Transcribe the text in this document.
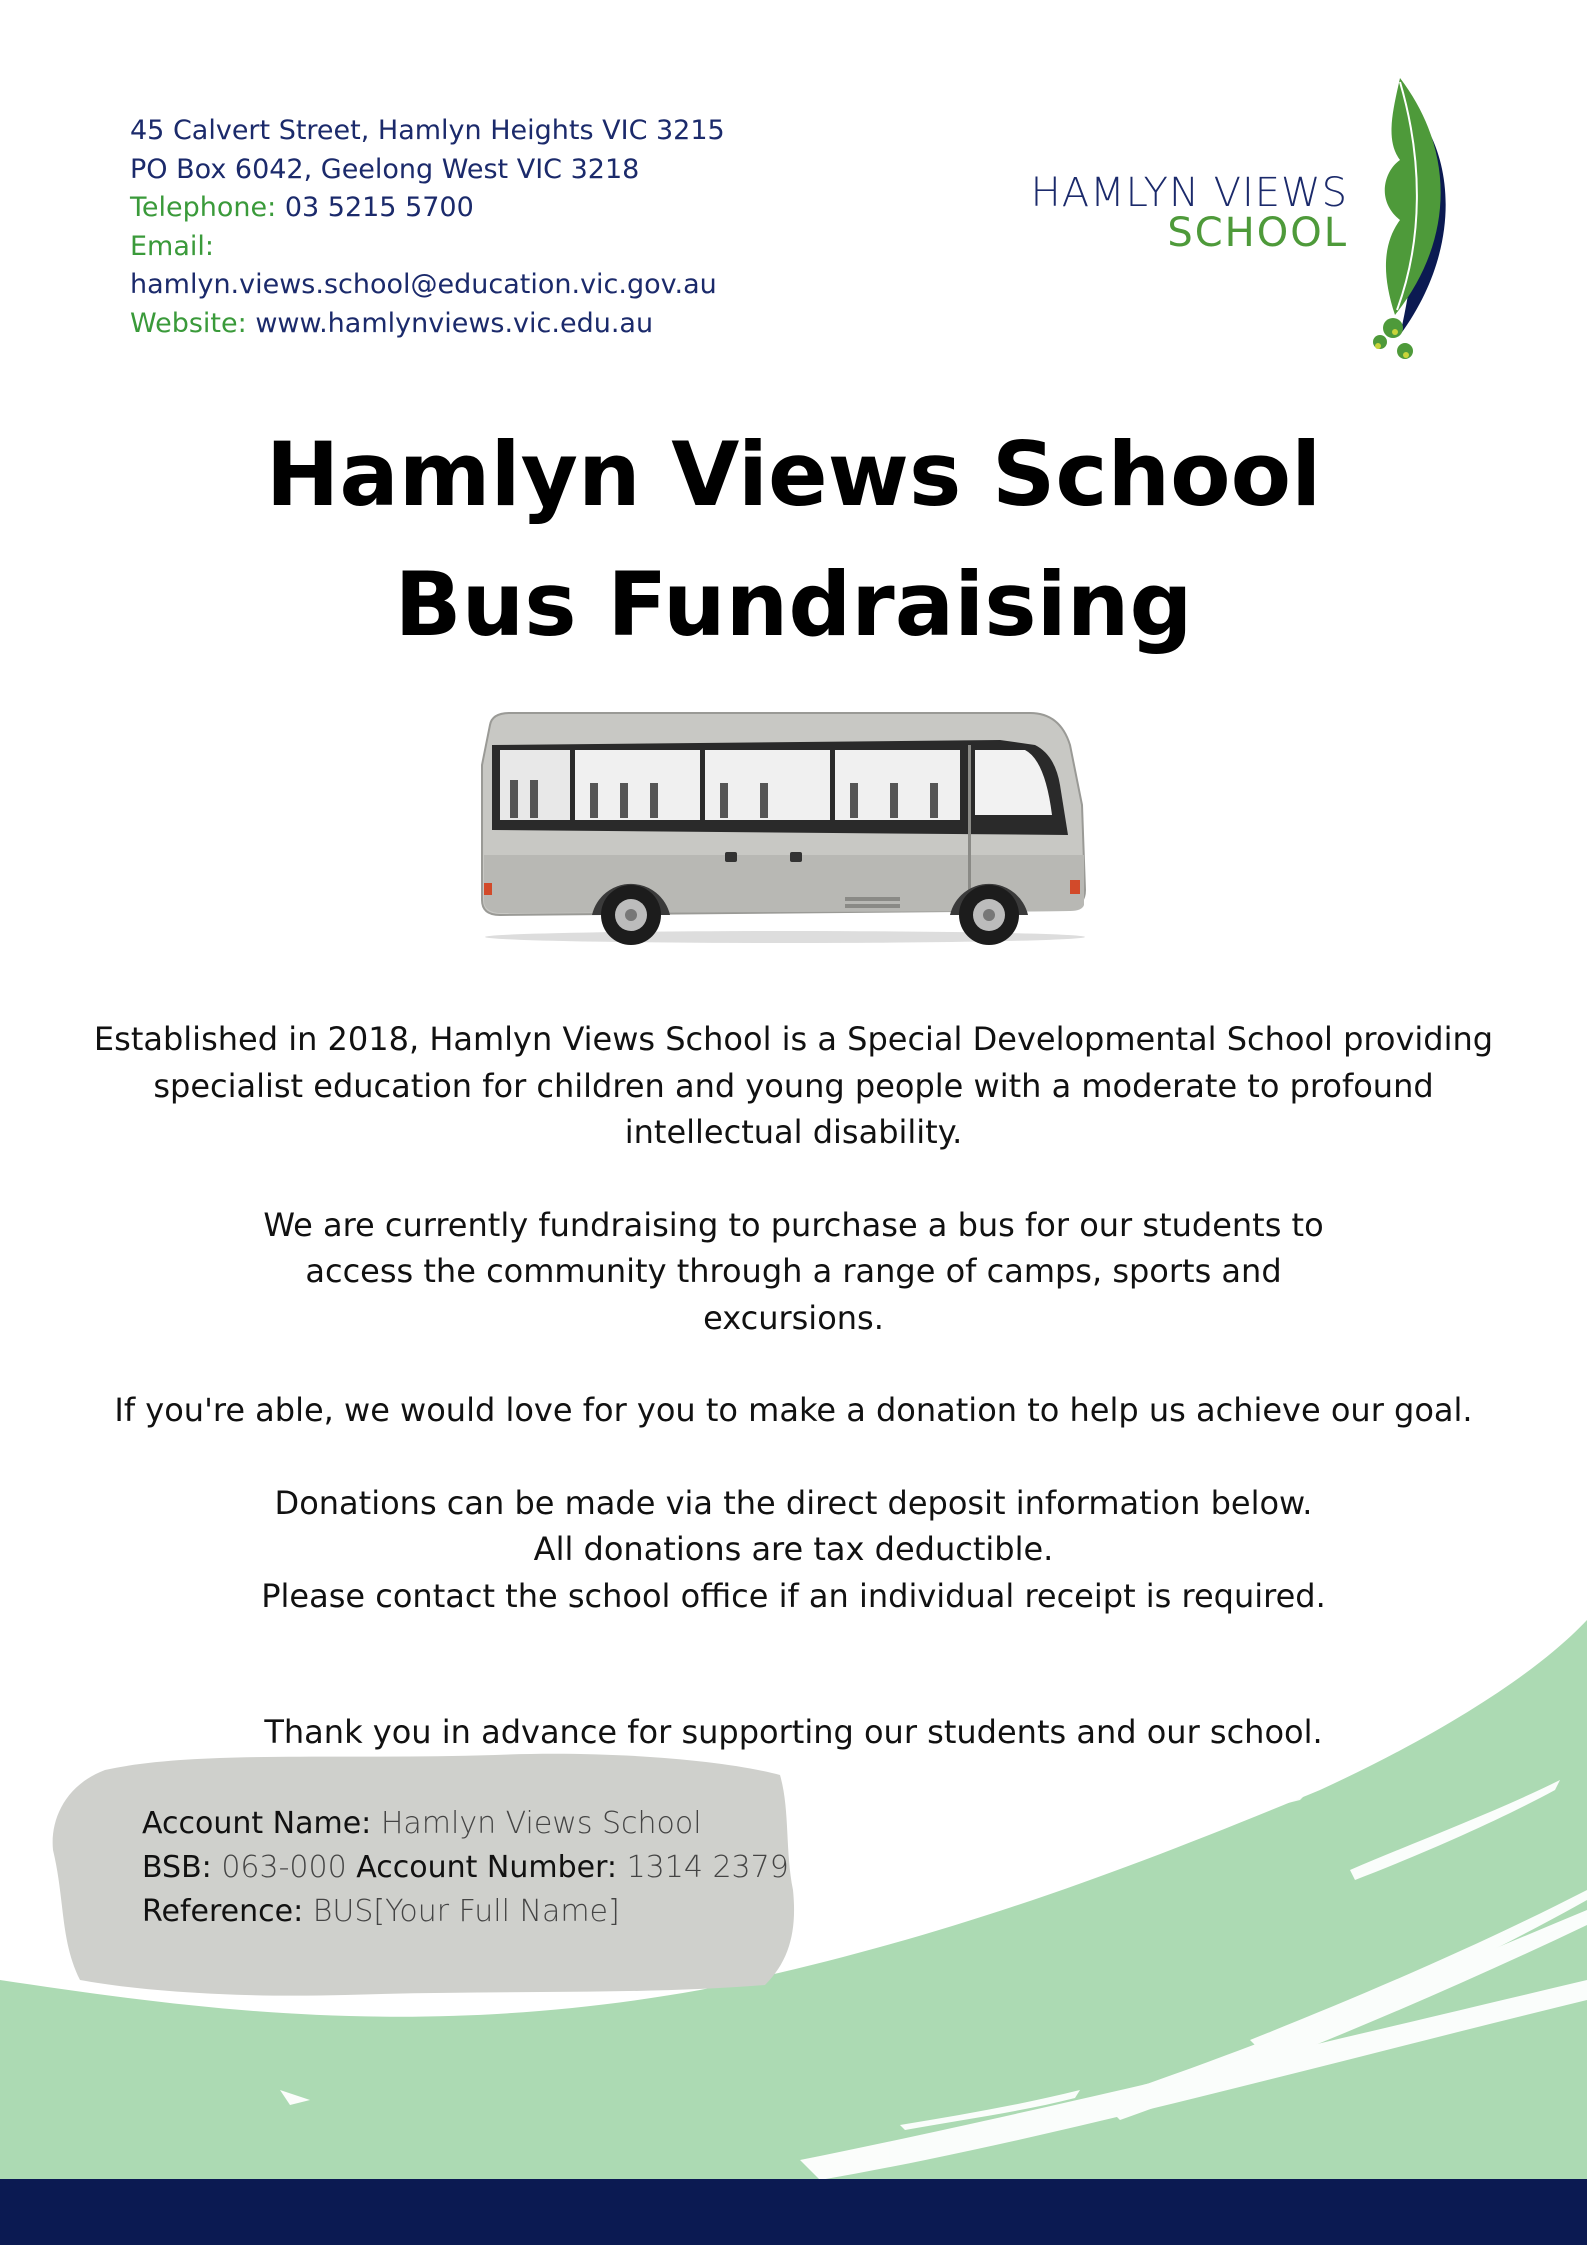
45 Calvert Street, Hamlyn Heights VIC 3215
PO Box 6042, Geelong West VIC 3218
Telephone: 03 5215 5700
Email:
hamlyn.views.school@education.vic.gov.au
Website: www.hamlynviews.vic.edu.au
HAMLYN VIEWS
SCHOOL
Hamlyn Views School
Bus Fundraising

Established in 2018, Hamlyn Views School is a Special Developmental School providing specialist education for children and young people with a moderate to profound intellectual disability.

We are currently fundraising to purchase a bus for our students to access the community through a range of camps, sports and excursions.

If you're able, we would love for you to make a donation to help us achieve our goal.

Donations can be made via the direct deposit information below.

All donations are tax deductible.

Please contact the school office if an individual receipt is required.

Thank you in advance for supporting our students and our school.

Account Name: Hamlyn Views School
BSB: 063-000 Account Number: 1314 2379
Reference: BUS[Your Full Name]
